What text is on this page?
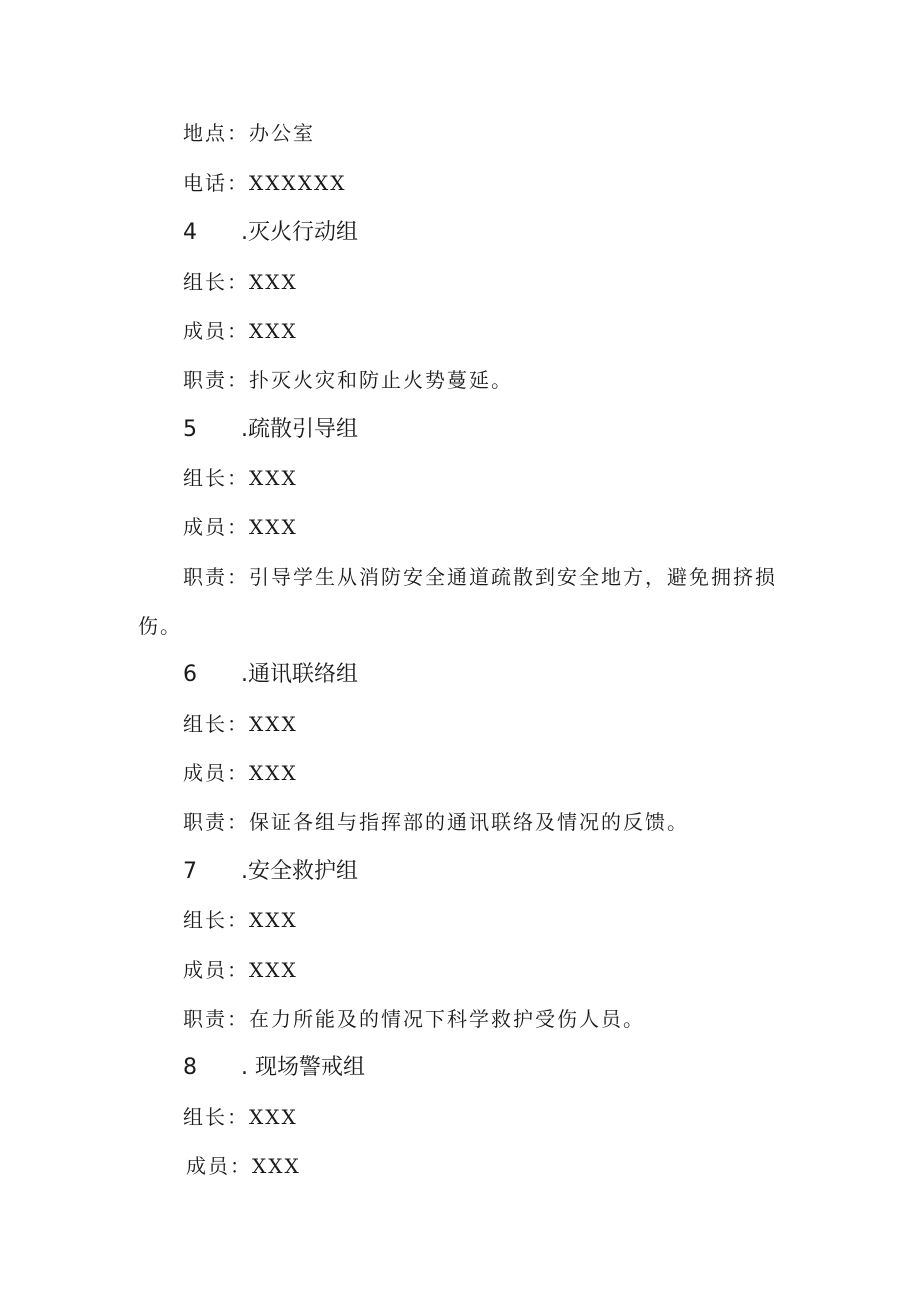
地点：办公室
电话：XXXXXX
4 .灭火行动组
组长：XXX
成员：XXX
职责：扑灭火灾和防止火势蔓延。
5 .疏散引导组
组长：XXX
成员：XXX
职责：引导学生从消防安全通道疏散到安全地方，避免拥挤损
伤。
6 .通讯联络组
组长：XXX
成员：XXX
职责：保证各组与指挥部的通讯联络及情况的反馈。
7 .安全救护组
组长：XXX
成员：XXX
职责：在力所能及的情况下科学救护受伤人员。
8 . 现场警戒组
组长：XXX
成员：XXX
